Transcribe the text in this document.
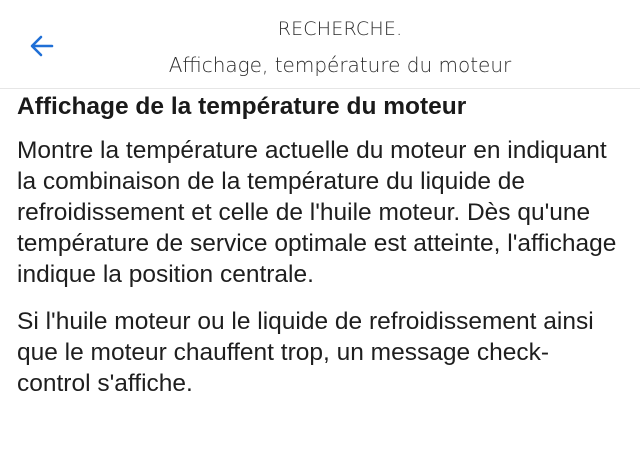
RECHERCHE.
Affichage, température du moteur
Affichage de la température du moteur

Montre la température actuelle du moteur en indiquant la combinaison de la température du liquide de refroidissement et celle de l'huile moteur. Dès qu'une température de service optimale est atteinte, l'affichage indique la position centrale.

Si l'huile moteur ou le liquide de refroidissement ainsi que le moteur chauffent trop, un message check-control s'affiche.
